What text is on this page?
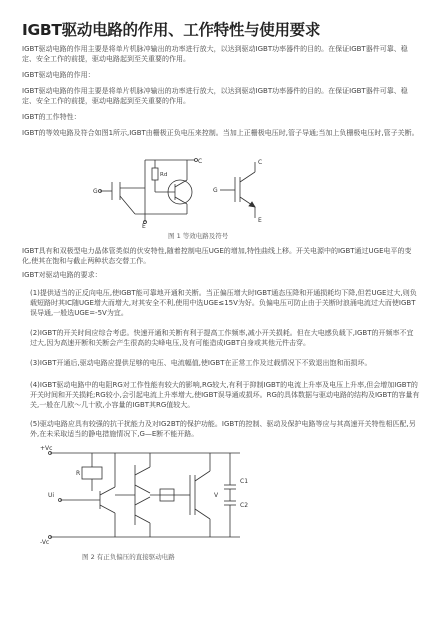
IGBT驱动电路的作用、工作特性与使用要求
IGBT驱动电路的作用主要是将单片机脉冲输出的功率进行放大，以达到驱动IGBT功率器件的目的。在保证IGBT器件可靠、稳定、安全工作的前提，驱动电路起到至关重要的作用。
IGBT驱动电路的作用：
IGBT驱动电路的作用主要是将单片机脉冲输出的功率进行放大，以达到驱动IGBT功率器件的目的。在保证IGBT器件可靠、稳定、安全工作的前提，驱动电路起到至关重要的作用。
IGBT的工作特性：
IGBT的等效电路及符合如图1所示,IGBT由栅极正负电压来控制。当加上正栅极电压时,管子导通;当加上负栅极电压时,管子关断。
C
G
E
Rd
C
G
E
图 1 等效电路及符号
IGBT具有和双极型电力晶体管类似的伏安特性,随着控制电压UGE的增加,特性曲线上移。开关电源中的IGBT通过UGE电平的变化,使其在饱和与截止两种状态交替工作。
IGBT对驱动电路的要求：
(1)提供适当的正反向电压,使IGBT能可靠地开通和关断。当正偏压增大时IGBT通态压降和开通损耗均下降,但若UGE过大,则负载短路时其IC随UGE增大而增大,对其安全不利,使用中选UGE≤15V为好。负偏电压可防止由于关断时浪涌电流过大而使IGBT误导通,一般选UGE=-5V为宜。
(2)IGBT的开关时间应综合考虑。快速开通和关断有利于提高工作频率,减小开关损耗。但在大电感负载下,IGBT的开频率不宜过大,因为高速开断和关断会产生很高的尖峰电压,及有可能造成IGBT自身或其他元件击穿。
(3)IGBT开通后,驱动电路应提供足够的电压、电流幅值,使IGBT在正常工作及过载情况下不致退出饱和而损坏。
(4)IGBT驱动电路中的电阻RG对工作性能有较大的影响,RG较大,有利于抑制IGBT的电流上升率及电压上升率,但会增加IGBT的开关时间和开关损耗;RG较小,会引起电流上升率增大,使IGBT误导通或损坏。RG的具体数据与驱动电路的结构及IGBT的容量有关,一般在几欧～几十欧,小容量的IGBT其RG值较大。
(5)驱动电路应具有较强的抗干扰能力及对IG2BT的保护功能。IGBT的控制、驱动及保护电路等应与其高速开关特性相匹配,另外,在未采取适当的静电措施情况下,G—E断不能开路。
+Vc
-Vc
Ui
C1
C2
R
V
图 2 有正负偏压的直接驱动电路
